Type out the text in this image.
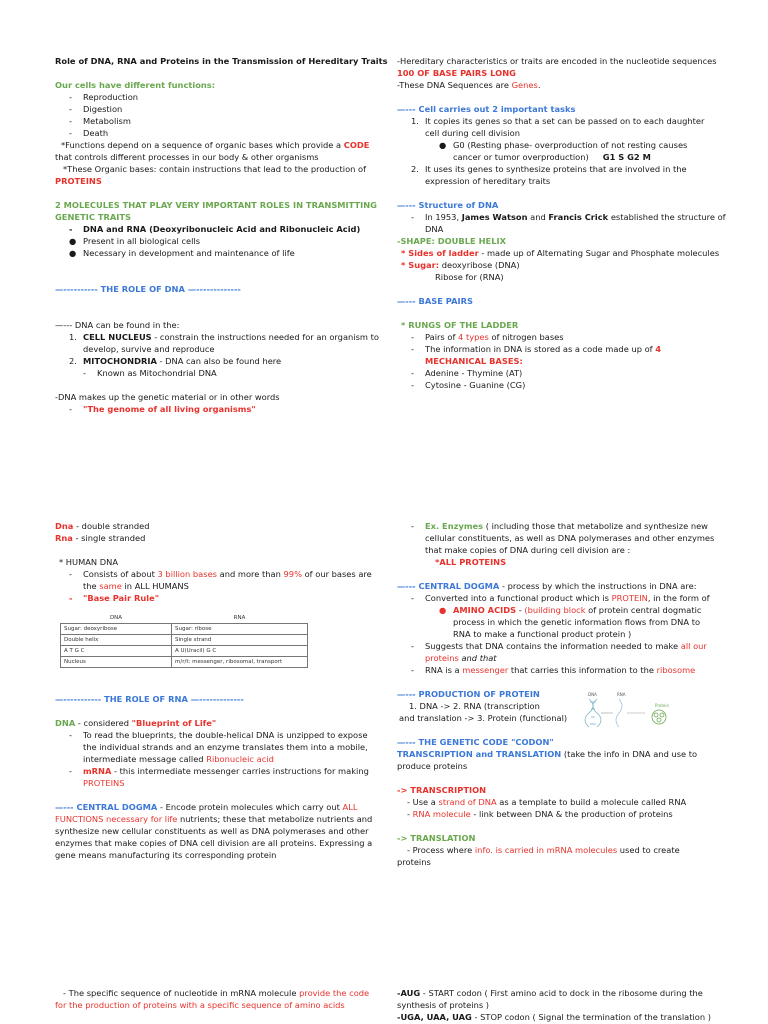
Role of DNA, RNA and Proteins in the Transmission of Hereditary Traits

Our cells have different functions:

- Reproduction

- Digestion

- Metabolism

- Death

*Functions depend on a sequence of organic bases which provide a CODE

that controls different processes in our body & other organisms

*These Organic bases: contain instructions that lead to the production of

PROTEINS

2 MOLECULES THAT PLAY VERY IMPORTANT ROLES IN TRANSMITTING

GENETIC TRAITS

- DNA and RNA (Deoxyribonucleic Acid and Ribonucleic Acid)

● Present in all biological cells

● Necessary in development and maintenance of life

—---------- THE ROLE OF DNA —-------------

—--- DNA can be found in the:

1. CELL NUCLEUS - constrain the instructions needed for an organism to

develop, survive and reproduce

2. MITOCHONDRIA - DNA can also be found here

- Known as Mitochondrial DNA

-DNA makes up the genetic material or in other words

- "The genome of all living organisms"

-Hereditary characteristics or traits are encoded in the nucleotide sequences

100 OF BASE PAIRS LONG

-These DNA Sequences are Genes.

—--- Cell carries out 2 important tasks

1. It copies its genes so that a set can be passed on to each daughter

cell during cell division

● G0 (Resting phase- overproduction of not resting causes

cancer or tumor overproduction) G1 S G2 M

2. It uses its genes to synthesize proteins that are involved in the

expression of hereditary traits

—--- Structure of DNA

- In 1953, James Watson and Francis Crick established the structure of

DNA

-SHAPE: DOUBLE HELIX

* Sides of ladder - made up of Alternating Sugar and Phosphate molecules

* Sugar: deoxyribose (DNA)

Ribose for (RNA)

—--- BASE PAIRS

* RUNGS OF THE LADDER

- Pairs of 4 types of nitrogen bases

- The information in DNA is stored as a code made up of 4

MECHANICAL BASES:

- Adenine - Thymine (AT)

- Cytosine - Guanine (CG)

Dna - double stranded

Rna - single stranded

* HUMAN DNA

- Consists of about 3 billion bases and more than 99% of our bases are

the same in ALL HUMANS

- "Base Pair Rule"

DNA	RNA
Sugar: deoxyribose	Sugar: ribose
Double helix	Single strand
A T G C	A U(Uracil) G C
Nucleus	m/r/t: messenger, ribosomal, transport

—----------- THE ROLE OF RNA —-------------

DNA - considered "Blueprint of Life"

- To read the blueprints, the double-helical DNA is unzipped to expose

the individual strands and an enzyme translates them into a mobile,

intermediate message called Ribonucleic acid

- mRNA - this intermediate messenger carries instructions for making

PROTEINS

—--- CENTRAL DOGMA - Encode protein molecules which carry out ALL

FUNCTIONS necessary for life nutrients; these that metabolize nutrients and

synthesize new cellular constituents as well as DNA polymerases and other

enzymes that make copies of DNA cell division are all proteins. Expressing a

gene means manufacturing its corresponding protein

- Ex. Enzymes ( including those that metabolize and synthesize new

cellular constituents, as well as DNA polymerases and other enzymes

that make copies of DNA during cell division are :

*ALL PROTEINS

—--- CENTRAL DOGMA - process by which the instructions in DNA are:

- Converted into a functional product which is PROTEIN, in the form of

● AMINO ACIDS - (building block of protein central dogmatic

process in which the genetic information flows from DNA to

RNA to make a functional product protein )

- Suggests that DNA contains the information needed to make all our

proteins and that

- RNA is a messenger that carries this information to the ribosome

—--- PRODUCTION OF PROTEIN

1. DNA -> 2. RNA (transcription

and translation -> 3. Protein (functional)

—--- THE GENETIC CODE "CODON"

TRANSCRIPTION and TRANSLATION (take the info in DNA and use to

produce proteins

-> TRANSCRIPTION

- Use a strand of DNA as a template to build a molecule called RNA

- RNA molecule - link between DNA & the production of proteins

-> TRANSLATION

- Process where info. is carried in mRNA molecules used to create

proteins

DNA	RNA
Protein

- The specific sequence of nucleotide in mRNA molecule provide the code

for the production of proteins with a specific sequence of amino acids

-AUG - START codon ( First amino acid to dock in the ribosome during the

synthesis of proteins )

-UGA, UAA, UAG - STOP codon ( Signal the termination of the translation )
